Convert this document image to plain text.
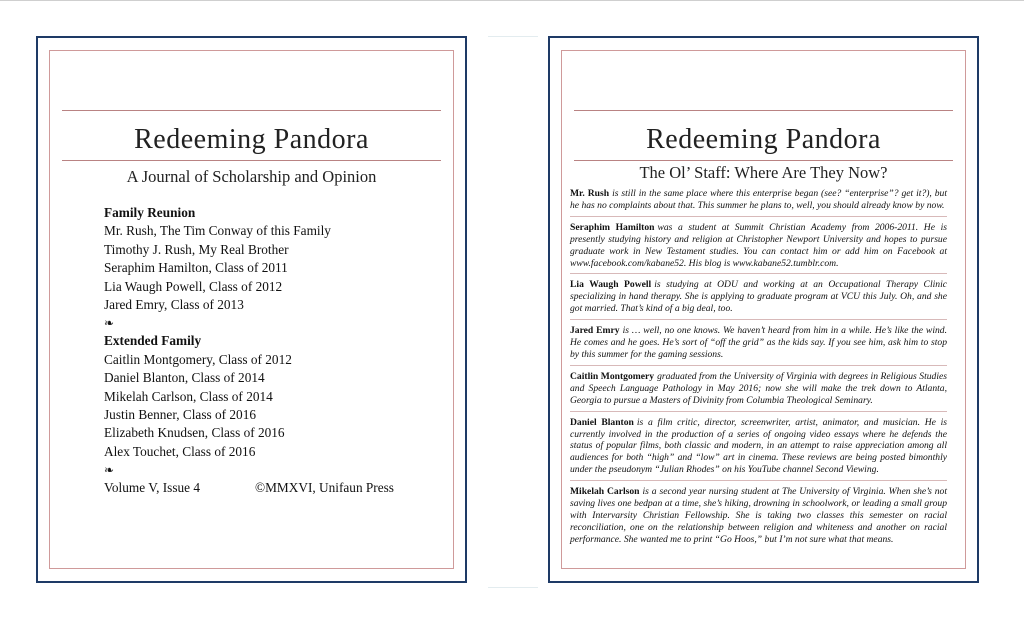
Redeeming Pandora
A Journal of Scholarship and Opinion
Family Reunion
Mr. Rush, The Tim Conway of this Family
Timothy J. Rush, My Real Brother
Seraphim Hamilton, Class of 2011
Lia Waugh Powell, Class of 2012
Jared Emry, Class of 2013
❧
Extended Family
Caitlin Montgomery, Class of 2012
Daniel Blanton, Class of 2014
Mikelah Carlson, Class of 2014
Justin Benner, Class of 2016
Elizabeth Knudsen, Class of 2016
Alex Touchet, Class of 2016
❧
Volume V, Issue 4	©MMXVI, Unifaun Press
Redeeming Pandora
The Ol’ Staff: Where Are They Now?

Mr. Rush is still in the same place where this enterprise began (see? “enterprise”? get it?), but he has no complaints about that. This summer he plans to, well, you should already know by now.

Seraphim Hamilton was a student at Summit Christian Academy from 2006-2011. He is presently studying history and religion at Christopher Newport University and hopes to pursue graduate work in New Testament studies. You can contact him or add him on Facebook at www.facebook.com/kabane52. His blog is www.kabane52.tumblr.com.

Lia Waugh Powell is studying at ODU and working at an Occupational Therapy Clinic specializing in hand therapy. She is applying to graduate program at VCU this July. Oh, and she got married. That’s kind of a big deal, too.

Jared Emry is … well, no one knows. We haven’t heard from him in a while. He’s like the wind. He comes and he goes. He’s sort of “off the grid” as the kids say. If you see him, ask him to stop by this summer for the gaming sessions.

Caitlin Montgomery graduated from the University of Virginia with degrees in Religious Studies and Speech Language Pathology in May 2016; now she will make the trek down to Atlanta, Georgia to pursue a Masters of Divinity from Columbia Theological Seminary.

Daniel Blanton is a film critic, director, screenwriter, artist, animator, and musician. He is currently involved in the production of a series of ongoing video essays where he defends the status of popular films, both classic and modern, in an attempt to raise appreciation among all audiences for both “high” and “low” art in cinema. These reviews are being posted bimonthly under the pseudonym “Julian Rhodes” on his YouTube channel Second Viewing.

Mikelah Carlson is a second year nursing student at The University of Virginia. When she’s not saving lives one bedpan at a time, she’s hiking, drowning in schoolwork, or leading a small group with Intervarsity Christian Fellowship. She is taking two classes this semester on racial reconciliation, one on the relationship between religion and whiteness and another on racial performance. She wanted me to print “Go Hoos,” but I’m not sure what that means.
